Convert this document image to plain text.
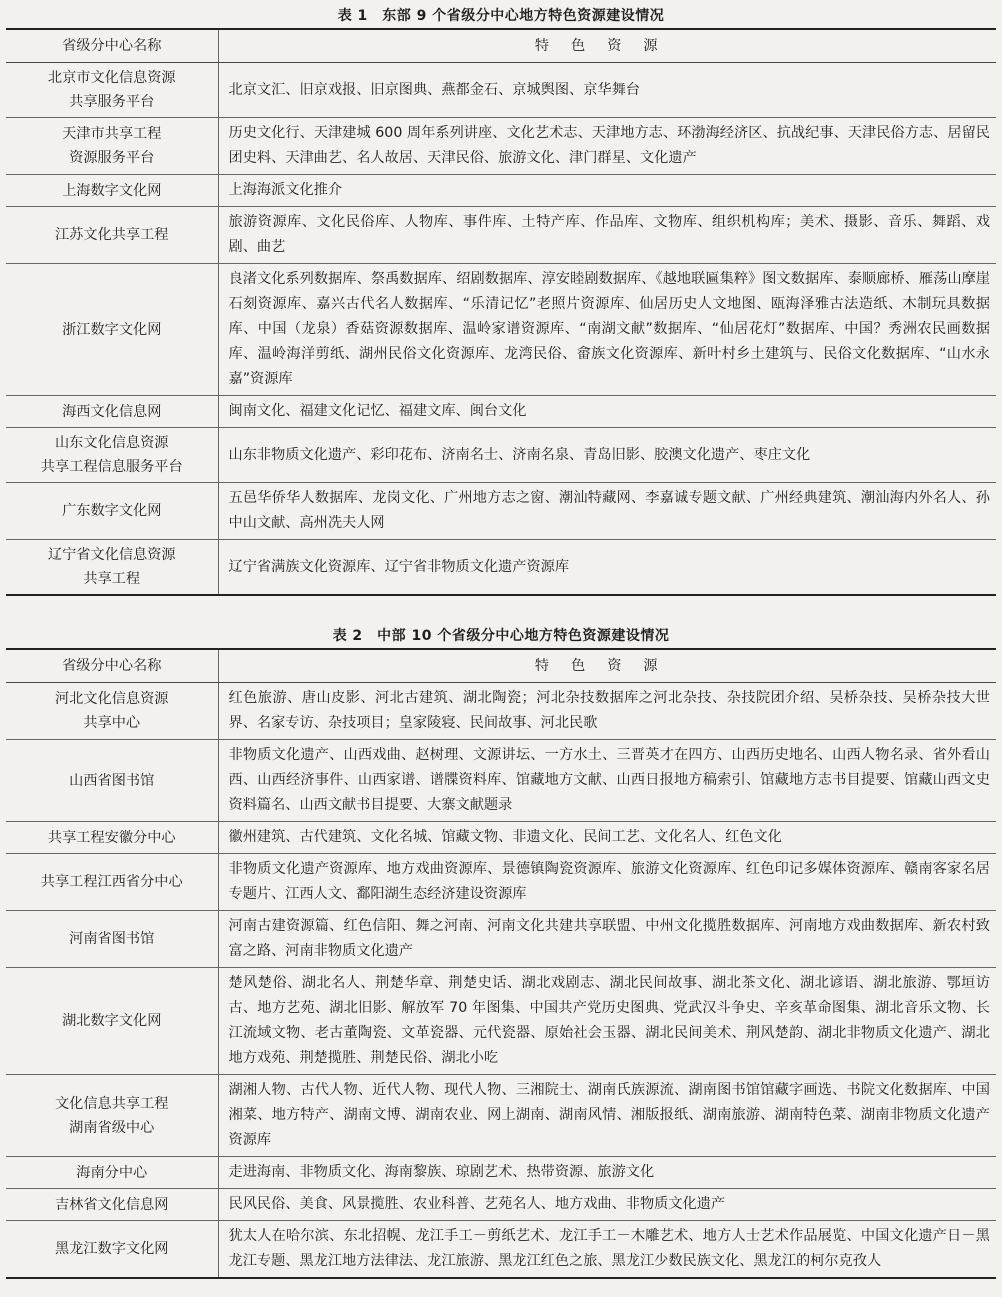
表 1　东部 9 个省级分中心地方特色资源建设情况
省级分中心名称	特色资源
北京市文化信息资源
共享服务平台	北京文汇、旧京戏报、旧京图典、燕都金石、京城舆图、京华舞台
天津市共享工程
资源服务平台	历史文化行、天津建城 600 周年系列讲座、文化艺术志、天津地方志、环渤海经济区、抗战纪事、天津民俗方志、居留民团史料、天津曲艺、名人故居、天津民俗、旅游文化、津门群星、文化遗产
上海数字文化网	上海海派文化推介
江苏文化共享工程	旅游资源库、文化民俗库、人物库、事件库、土特产库、作品库、文物库、组织机构库；美术、摄影、音乐、舞蹈、戏剧、曲艺
浙江数字文化网	良渚文化系列数据库、祭禹数据库、绍剧数据库、淳安睦剧数据库、《越地联匾集粹》图文数据库、泰顺廊桥、雁荡山摩崖石刻资源库、嘉兴古代名人数据库、“乐清记忆”老照片资源库、仙居历史人文地图、瓯海泽雅古法造纸、木制玩具数据库、中国（龙泉）香菇资源数据库、温岭家谱资源库、“南湖文献”数据库、“仙居花灯”数据库、中国？秀洲农民画数据库、温岭海洋剪纸、湖州民俗文化资源库、龙湾民俗、畲族文化资源库、新叶村乡土建筑与、民俗文化数据库、“山水永嘉”资源库
海西文化信息网	闽南文化、福建文化记忆、福建文库、闽台文化
山东文化信息资源
共享工程信息服务平台	山东非物质文化遗产、彩印花布、济南名士、济南名泉、青岛旧影、胶澳文化遗产、枣庄文化
广东数字文化网	五邑华侨华人数据库、龙岗文化、广州地方志之窗、潮汕特藏网、李嘉诚专题文献、广州经典建筑、潮汕海内外名人、孙中山文献、高州冼夫人网
辽宁省文化信息资源
共享工程	辽宁省满族文化资源库、辽宁省非物质文化遗产资源库
表 2　中部 10 个省级分中心地方特色资源建设情况
省级分中心名称	特色资源
河北文化信息资源
共享中心	红色旅游、唐山皮影、河北古建筑、湖北陶瓷；河北杂技数据库之河北杂技、杂技院团介绍、吴桥杂技、吴桥杂技大世界、名家专访、杂技项目；皇家陵寝、民间故事、河北民歌
山西省图书馆	非物质文化遗产、山西戏曲、赵树理、文源讲坛、一方水土、三晋英才在四方、山西历史地名、山西人物名录、省外看山西、山西经济事件、山西家谱、谱牒资料库、馆藏地方文献、山西日报地方稿索引、馆藏地方志书目提要、馆藏山西文史资料篇名、山西文献书目提要、大寨文献题录
共享工程安徽分中心	徽州建筑、古代建筑、文化名城、馆藏文物、非遗文化、民间工艺、文化名人、红色文化
共享工程江西省分中心	非物质文化遗产资源库、地方戏曲资源库、景德镇陶瓷资源库、旅游文化资源库、红色印记多媒体资源库、赣南客家名居专题片、江西人文、鄱阳湖生态经济建设资源库
河南省图书馆	河南古建资源篇、红色信阳、舞之河南、河南文化共建共享联盟、中州文化揽胜数据库、河南地方戏曲数据库、新农村致富之路、河南非物质文化遗产
湖北数字文化网	楚风楚俗、湖北名人、荆楚华章、荆楚史话、湖北戏剧志、湖北民间故事、湖北茶文化、湖北谚语、湖北旅游、鄂垣访古、地方艺苑、湖北旧影、解放军 70 年图集、中国共产党历史图典、党武汉斗争史、辛亥革命图集、湖北音乐文物、长江流域文物、老古董陶瓷、文革瓷器、元代瓷器、原始社会玉器、湖北民间美术、荆风楚韵、湖北非物质文化遗产、湖北地方戏苑、荆楚揽胜、荆楚民俗、湖北小吃
文化信息共享工程
湖南省级中心	湖湘人物、古代人物、近代人物、现代人物、三湘院士、湖南氏族源流、湖南图书馆馆藏字画选、书院文化数据库、中国湘菜、地方特产、湖南文博、湖南农业、网上湖南、湖南风情、湘版报纸、湖南旅游、湖南特色菜、湖南非物质文化遗产资源库
海南分中心	走进海南、非物质文化、海南黎族、琼剧艺术、热带资源、旅游文化
吉林省文化信息网	民风民俗、美食、风景揽胜、农业科普、艺苑名人、地方戏曲、非物质文化遗产
黑龙江数字文化网	犹太人在哈尔滨、东北招幌、龙江手工－剪纸艺术、龙江手工－木雕艺术、地方人士艺术作品展览、中国文化遗产日－黑龙江专题、黑龙江地方法律法、龙江旅游、黑龙江红色之旅、黑龙江少数民族文化、黑龙江的柯尔克孜人
